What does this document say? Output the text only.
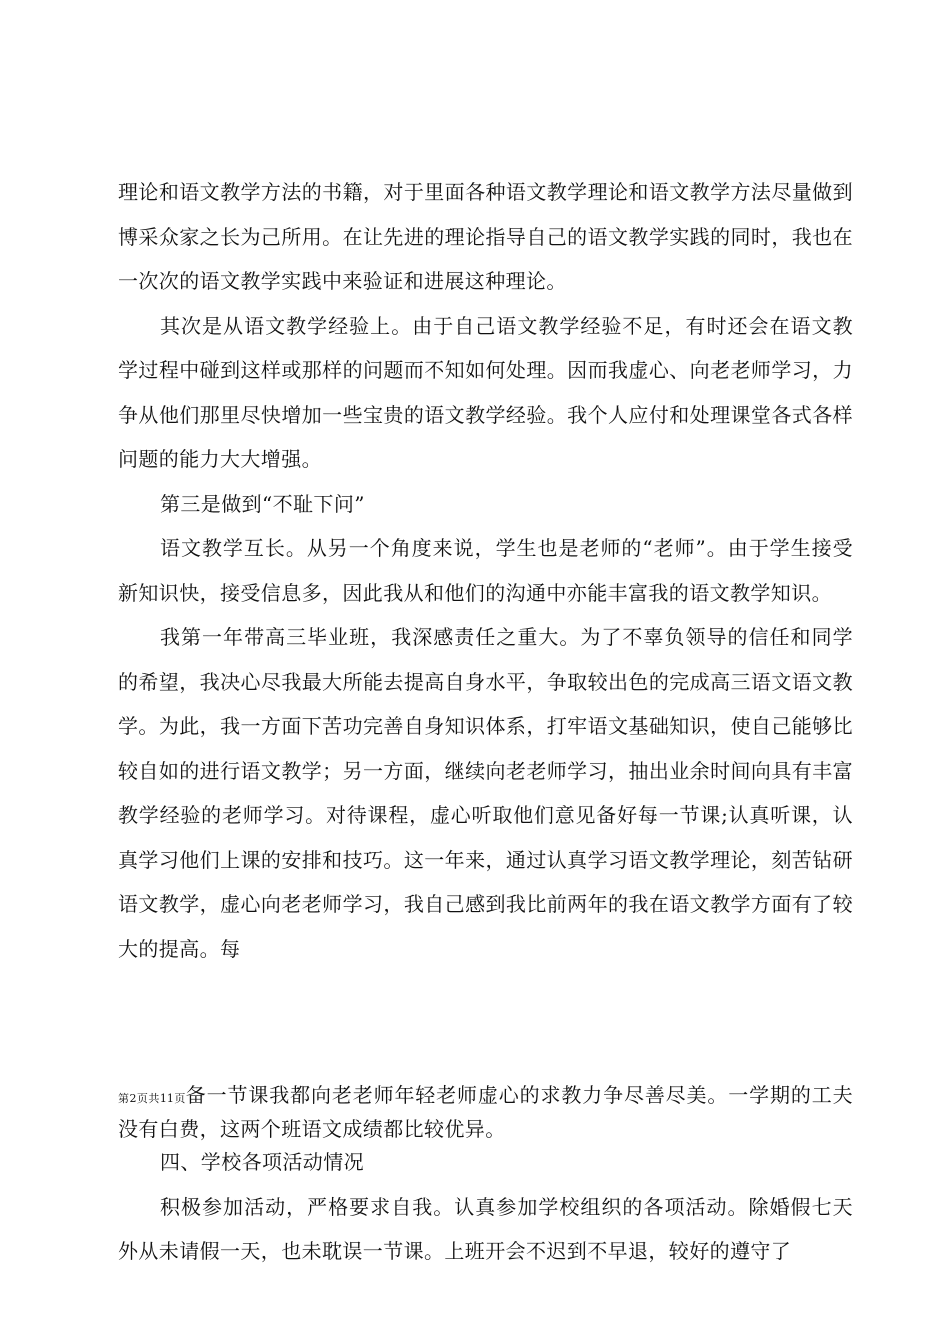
理论和语文教学方法的书籍，对于里面各种语文教学理论和语文教学方法尽量做到博采众家之长为己所用。在让先进的理论指导自己的语文教学实践的同时，我也在一次次的语文教学实践中来验证和进展这种理论。

其次是从语文教学经验上。由于自己语文教学经验不足，有时还会在语文教学过程中碰到这样或那样的问题而不知如何处理。因而我虚心、向老老师学习，力争从他们那里尽快增加一些宝贵的语文教学经验。我个人应付和处理课堂各式各样问题的能力大大增强。

第三是做到“不耻下问”

语文教学互长。从另一个角度来说，学生也是老师的“老师”。由于学生接受新知识快，接受信息多，因此我从和他们的沟通中亦能丰富我的语文教学知识。

我第一年带高三毕业班，我深感责任之重大。为了不辜负领导的信任和同学的希望，我决心尽我最大所能去提高自身水平，争取较出色的完成高三语文语文教学。为此，我一方面下苦功完善自身知识体系，打牢语文基础知识，使自己能够比较自如的进行语文教学；另一方面，继续向老老师学习，抽出业余时间向具有丰富教学经验的老师学习。对待课程，虚心听取他们意见备好每一节课;认真听课，认真学习他们上课的安排和技巧。这一年来，通过认真学习语文教学理论，刻苦钻研语文教学，虚心向老老师学习，我自己感到我比前两年的我在语文教学方面有了较大的提高。每

第2页共11页备一节课我都向老老师年轻老师虚心的求教力争尽善尽美。一学期的工夫没有白费，这两个班语文成绩都比较优异。

四、学校各项活动情况

积极参加活动，严格要求自我。认真参加学校组织的各项活动。除婚假七天外从未请假一天，也未耽误一节课。上班开会不迟到不早退，较好的遵守了
